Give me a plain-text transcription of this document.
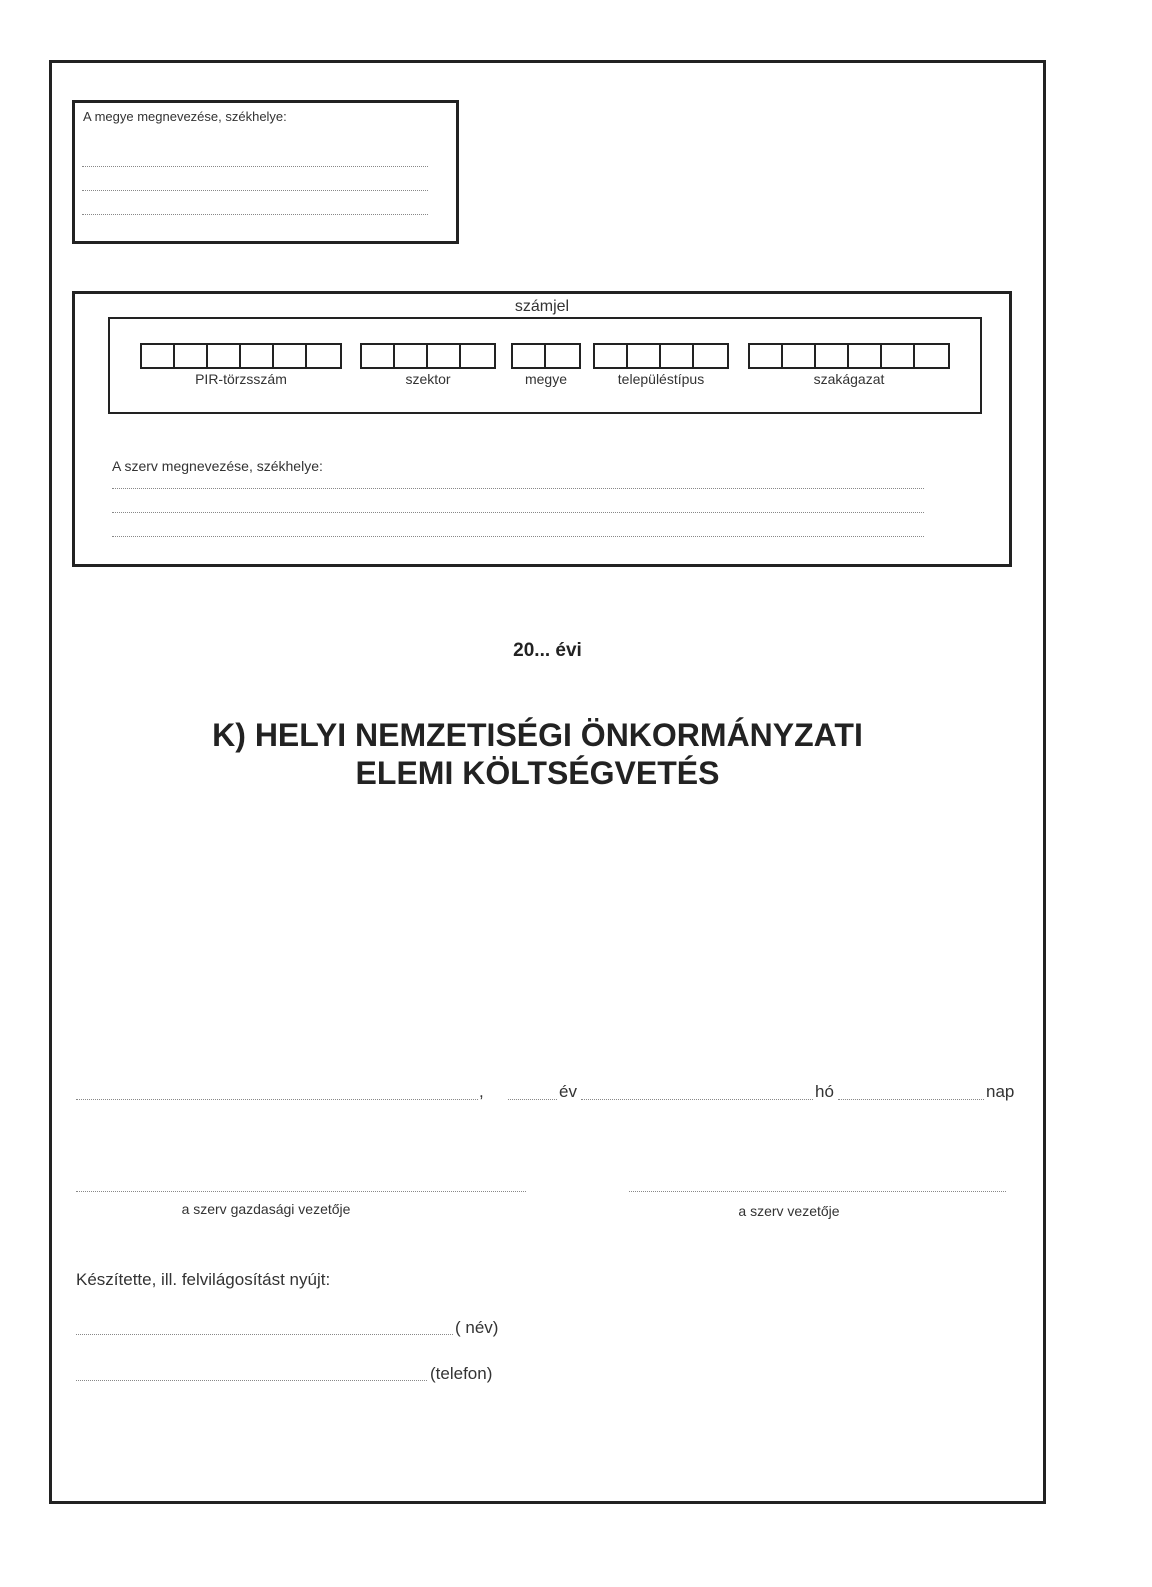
A megye megnevezése, székhelye:
számjel
PIR-törzsszám	szektor	megye	településtípus	szakágazat
A szerv megnevezése, székhelye:
20... évi
K) HELYI NEMZETISÉGI ÖNKORMÁNYZATI
ELEMI KÖLTSÉGVETÉS
,	év	hó	nap
a szerv gazdasági vezetője	a szerv vezetője
Készítette, ill. felvilágosítást nyújt:
( név)
(telefon)
